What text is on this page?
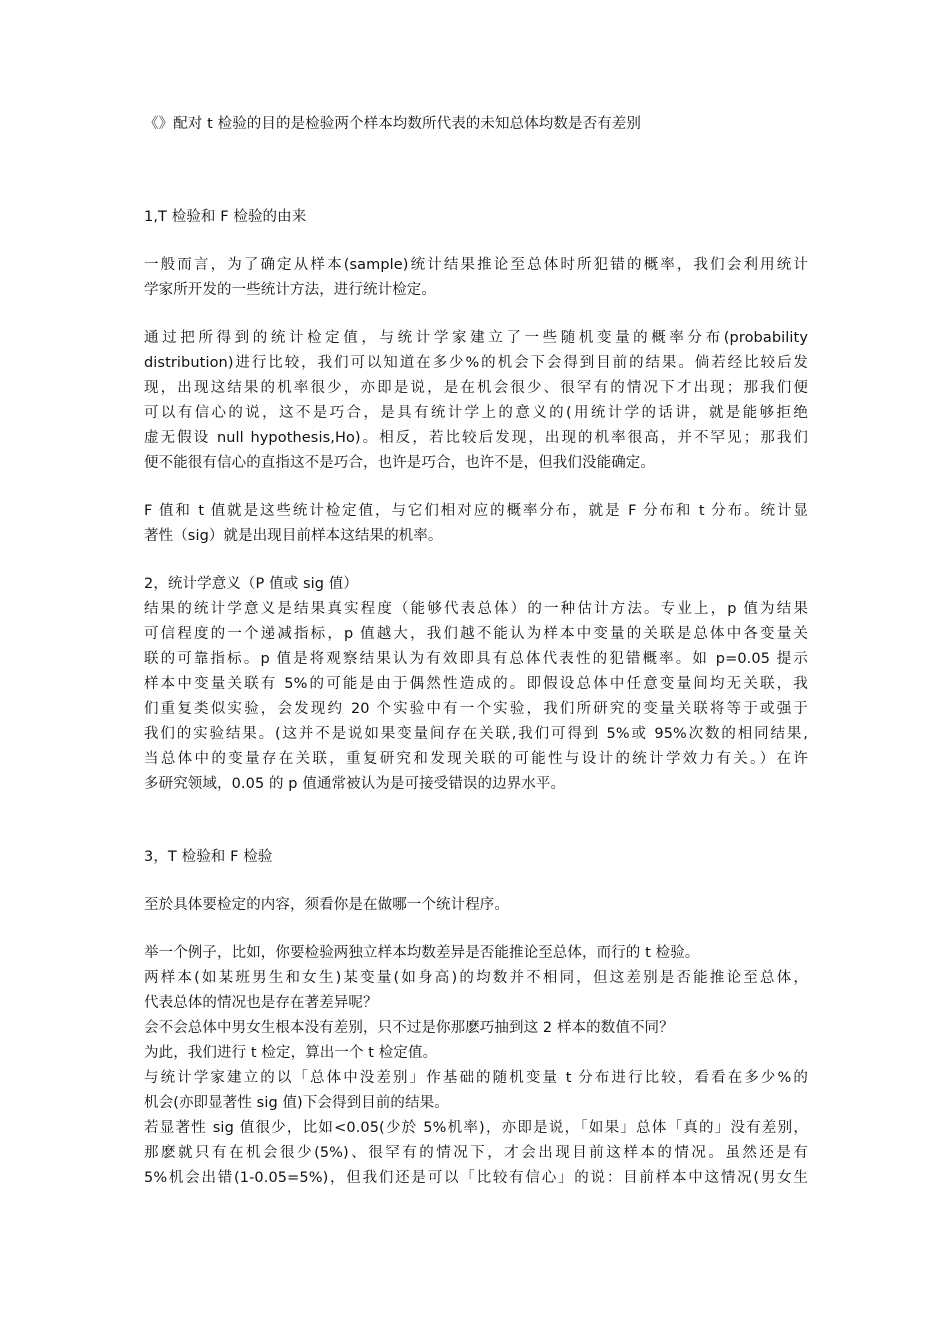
《》配对 t 检验的目的是检验两个样本均数所代表的未知总体均数是否有差别
1,T 检验和 F 检验的由来
一般而言，为了确定从样本(sample)统计结果推论至总体时所犯错的概率，我们会利用统计
学家所开发的一些统计方法，进行统计检定。
通过把所得到的统计检定值，与统计学家建立了一些随机变量的概率分布(probability
distribution)进行比较，我们可以知道在多少%的机会下会得到目前的结果。倘若经比较后发
现，出现这结果的机率很少，亦即是说，是在机会很少、很罕有的情况下才出现；那我们便
可以有信心的说，这不是巧合，是具有统计学上的意义的(用统计学的话讲，就是能够拒绝
虚无假设 null hypothesis,Ho)。相反，若比较后发现，出现的机率很高，并不罕见；那我们
便不能很有信心的直指这不是巧合，也许是巧合，也许不是，但我们没能确定。
F 值和 t 值就是这些统计检定值，与它们相对应的概率分布，就是 F 分布和 t 分布。统计显
著性（sig）就是出现目前样本这结果的机率。
2，统计学意义（P 值或 sig 值）
结果的统计学意义是结果真实程度（能够代表总体）的一种估计方法。专业上，p 值为结果
可信程度的一个递减指标，p 值越大，我们越不能认为样本中变量的关联是总体中各变量关
联的可靠指标。p 值是将观察结果认为有效即具有总体代表性的犯错概率。如 p=0.05 提示
样本中变量关联有 5%的可能是由于偶然性造成的。即假设总体中任意变量间均无关联，我
们重复类似实验，会发现约 20 个实验中有一个实验，我们所研究的变量关联将等于或强于
我们的实验结果。(这并不是说如果变量间存在关联,我们可得到 5%或 95%次数的相同结果,
当总体中的变量存在关联，重复研究和发现关联的可能性与设计的统计学效力有关。）在许
多研究领域，0.05 的 p 值通常被认为是可接受错误的边界水平。
3，T 检验和 F 检验
至於具体要检定的内容，须看你是在做哪一个统计程序。
举一个例子，比如，你要检验两独立样本均数差异是否能推论至总体，而行的 t 检验。
两样本(如某班男生和女生)某变量(如身高)的均数并不相同，但这差别是否能推论至总体，
代表总体的情况也是存在著差异呢？
会不会总体中男女生根本没有差别，只不过是你那麽巧抽到这 2 样本的数值不同？
为此，我们进行 t 检定，算出一个 t 检定值。
与统计学家建立的以「总体中没差别」作基础的随机变量 t 分布进行比较，看看在多少%的
机会(亦即显著性 sig 值)下会得到目前的结果。
若显著性 sig 值很少，比如<0.05(少於 5%机率)，亦即是说，「如果」总体「真的」没有差别，
那麽就只有在机会很少(5%)、很罕有的情况下，才会出现目前这样本的情况。虽然还是有
5%机会出错(1-0.05=5%)，但我们还是可以「比较有信心」的说：目前样本中这情况(男女生
